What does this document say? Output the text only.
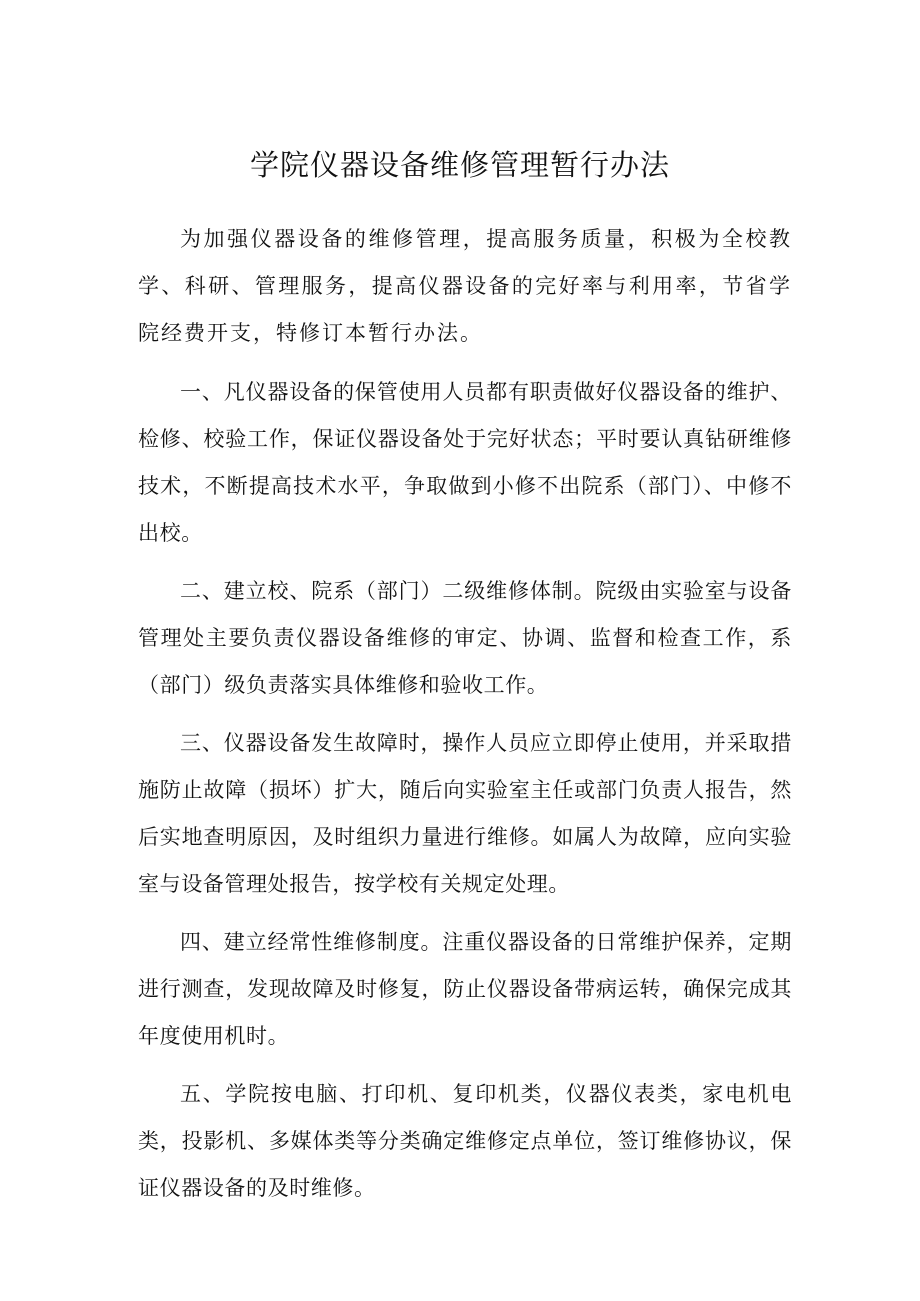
学院仪器设备维修管理暂行办法

为加强仪器设备的维修管理，提高服务质量，积极为全校教学、科研、管理服务，提高仪器设备的完好率与利用率，节省学院经费开支，特修订本暂行办法。

一、凡仪器设备的保管使用人员都有职责做好仪器设备的维护、检修、校验工作，保证仪器设备处于完好状态；平时要认真钻研维修技术，不断提高技术水平，争取做到小修不出院系（部门）、中修不出校。

二、建立校、院系（部门）二级维修体制。院级由实验室与设备管理处主要负责仪器设备维修的审定、协调、监督和检查工作，系（部门）级负责落实具体维修和验收工作。

三、仪器设备发生故障时，操作人员应立即停止使用，并采取措施防止故障（损坏）扩大，随后向实验室主任或部门负责人报告，然后实地查明原因，及时组织力量进行维修。如属人为故障，应向实验室与设备管理处报告，按学校有关规定处理。

四、建立经常性维修制度。注重仪器设备的日常维护保养，定期进行测查，发现故障及时修复，防止仪器设备带病运转，确保完成其年度使用机时。

五、学院按电脑、打印机、复印机类，仪器仪表类，家电机电类，投影机、多媒体类等分类确定维修定点单位，签订维修协议，保证仪器设备的及时维修。
